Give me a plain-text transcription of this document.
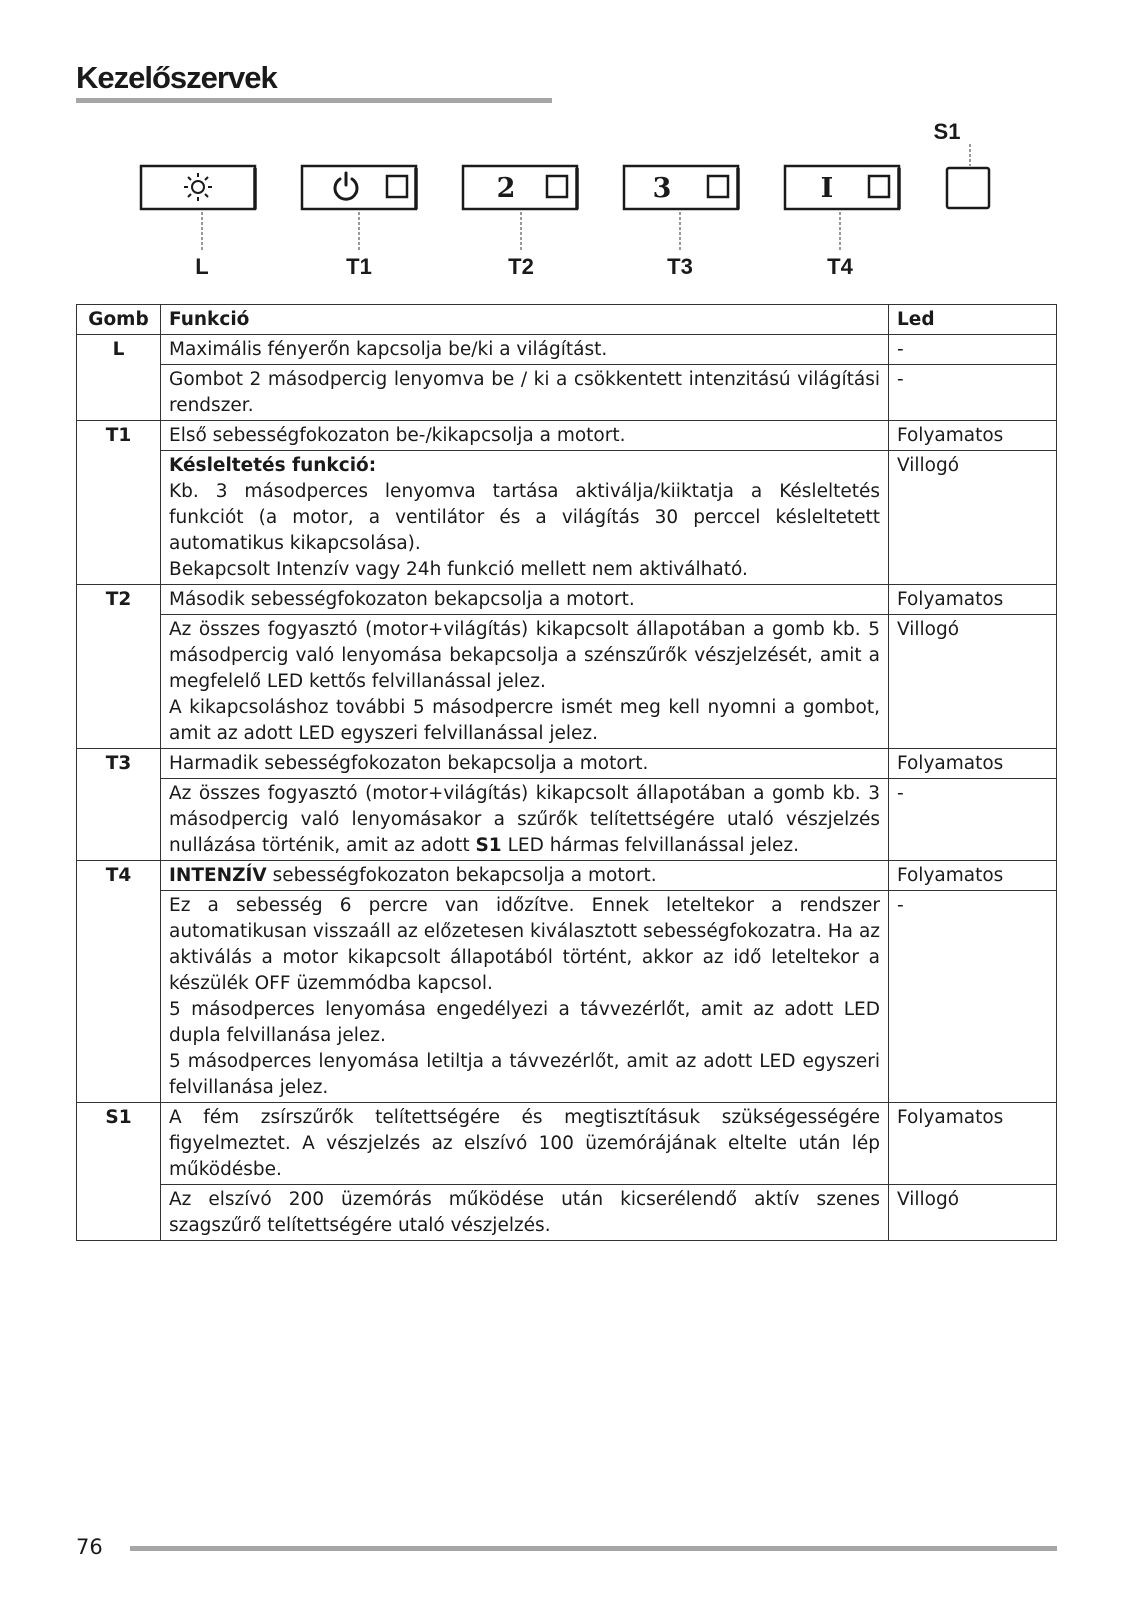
Kezelőszervek
S1
L	T1
2
T2
3
T3
I
T4
Gomb	Funkció	Led
L	Maximális fényerőn kapcsolja be/ki a világítást.	-
	Gombot 2 másodpercig lenyomva be / ki a csökkentett intenzitású világítási rendszer.	-
T1	Első sebességfokozaton be-/kikapcsolja a motort.	Folyamatos

	Késleltetés funkció:
Kb. 3 másodperces lenyomva tartása aktiválja/kiiktatja a Késleltetés funkciót (a motor, a ventilátor és a világítás 30 perccel késleltetett automatikus kikapcsolása).
Bekapcsolt Intenzív vagy 24h funkció mellett nem aktiválható.	Villogó
T2	Második sebességfokozaton bekapcsolja a motort.	Folyamatos

	Az összes fogyasztó (motor+világítás) kikapcsolt állapotában a gomb kb. 5 másodpercig való lenyomása bekapcsolja a szénszűrők vészjelzését, amit a megfelelő LED kettős felvillanással jelez.
A kikapcsoláshoz további 5 másodpercre ismét meg kell nyomni a gombot, amit az adott LED egyszeri felvillanással jelez.	Villogó
T3	Harmadik sebességfokozaton bekapcsolja a motort.	Folyamatos
	Az összes fogyasztó (motor+világítás) kikapcsolt állapotában a gomb kb. 3 másodpercig való lenyomásakor a szűrők telítettségére utaló vészjelzés nullázása történik, amit az adott S1 LED hármas felvillanással jelez.	-
T4	INTENZÍV sebességfokozaton bekapcsolja a motort.	Folyamatos

	Ez a sebesség 6 percre van időzítve. Ennek leteltekor a rendszer automatikusan visszaáll az előzetesen kiválasztott sebességfokozatra. Ha az aktiválás a motor kikapcsolt állapotából történt, akkor az idő leteltekor a készülék OFF üzemmódba kapcsol.
5 másodperces lenyomása engedélyezi a távvezérlőt, amit az adott LED dupla felvillanása jelez.
5 másodperces lenyomása letiltja a távvezérlőt, amit az adott LED egyszeri felvillanása jelez.	-
S1	A fém zsírszűrők telítettségére és megtisztításuk szükségességére figyelmeztet. A vészjelzés az elszívó 100 üzemórájának eltelte után lép működésbe.	Folyamatos
	Az elszívó 200 üzemórás működése után kicserélendő aktív szenes szagszűrő telítettségére utaló vészjelzés.	Villogó
76
